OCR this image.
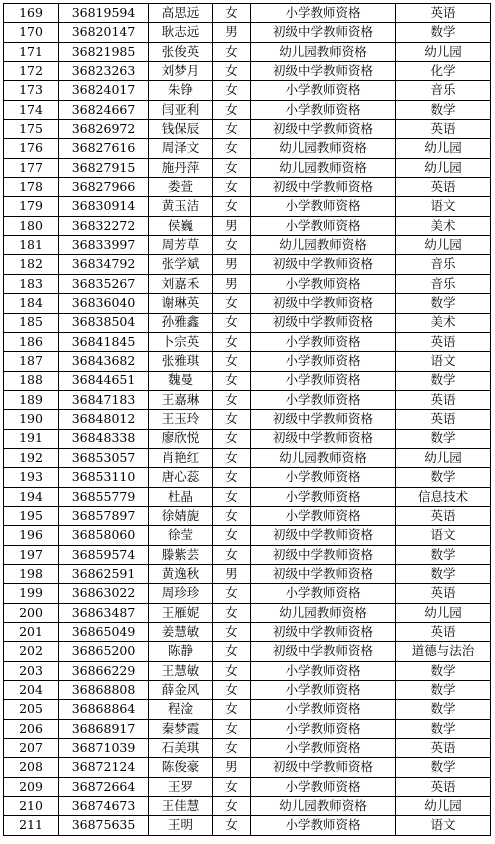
169	36819594	高思远	女	小学教师资格	英语
170	36820147	耿志远	男	初级中学教师资格	数学
171	36821985	张俊英	女	幼儿园教师资格	幼儿园
172	36823263	刘梦月	女	初级中学教师资格	化学
173	36824017	朱铮	女	小学教师资格	音乐
174	36824667	闫亚利	女	小学教师资格	数学
175	36826972	钱保辰	女	初级中学教师资格	英语
176	36827616	周泽文	女	幼儿园教师资格	幼儿园
177	36827915	施丹萍	女	幼儿园教师资格	幼儿园
178	36827966	娄萱	女	初级中学教师资格	英语
179	36830914	黄玉洁	女	小学教师资格	语文
180	36832272	侯巍	男	小学教师资格	美术
181	36833997	周芳草	女	幼儿园教师资格	幼儿园
182	36834792	张学斌	男	初级中学教师资格	音乐
183	36835267	刘嘉禾	男	小学教师资格	音乐
184	36836040	谢琳英	女	初级中学教师资格	数学
185	36838504	孙雅鑫	女	初级中学教师资格	美术
186	36841845	卜宗英	女	小学教师资格	英语
187	36843682	张雅琪	女	小学教师资格	语文
188	36844651	魏曼	女	小学教师资格	数学
189	36847183	王嘉琳	女	小学教师资格	英语
190	36848012	王玉玲	女	初级中学教师资格	英语
191	36848338	廖欣悦	女	初级中学教师资格	数学
192	36853057	肖艳红	女	幼儿园教师资格	幼儿园
193	36853110	唐心蕊	女	小学教师资格	数学
194	36855779	杜晶	女	小学教师资格	信息技术
195	36857897	徐婧旎	女	小学教师资格	英语
196	36858060	徐莹	女	初级中学教师资格	语文
197	36859574	滕紫芸	女	初级中学教师资格	数学
198	36862591	黄逸秋	男	初级中学教师资格	数学
199	36863022	周珍珍	女	小学教师资格	英语
200	36863487	王雁妮	女	幼儿园教师资格	幼儿园
201	36865049	姜慧敏	女	初级中学教师资格	英语
202	36865200	陈静	女	初级中学教师资格	道德与法治
203	36866229	王慧敏	女	小学教师资格	数学
204	36868808	薛金风	女	小学教师资格	数学
205	36868864	程淦	女	小学教师资格	数学
206	36868917	秦梦霞	女	小学教师资格	数学
207	36871039	石美琪	女	小学教师资格	英语
208	36872124	陈俊豪	男	初级中学教师资格	数学
209	36872664	王罗	女	小学教师资格	英语
210	36874673	王佳慧	女	幼儿园教师资格	幼儿园
211	36875635	王明	女	小学教师资格	语文
